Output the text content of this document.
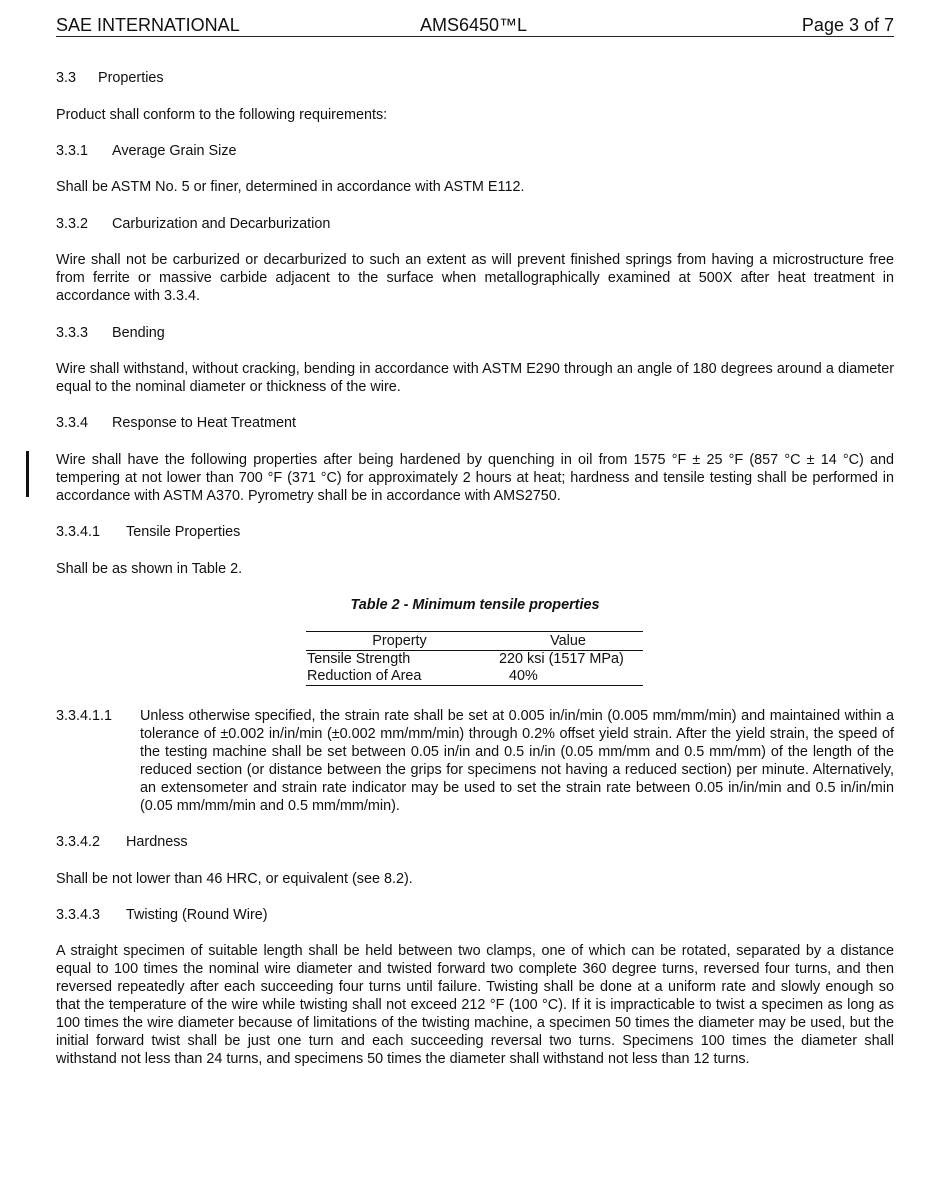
SAE INTERNATIONAL	AMS6450™L	Page 3 of 7
3.3 Properties
Product shall conform to the following requirements:
3.3.1 Average Grain Size
Shall be ASTM No. 5 or finer, determined in accordance with ASTM E112.
3.3.2 Carburization and Decarburization
Wire shall not be carburized or decarburized to such an extent as will prevent finished springs from having a microstructure free from ferrite or massive carbide adjacent to the surface when metallographically examined at 500X after heat treatment in accordance with 3.3.4.
3.3.3 Bending
Wire shall withstand, without cracking, bending in accordance with ASTM E290 through an angle of 180 degrees around a diameter equal to the nominal diameter or thickness of the wire.
3.3.4 Response to Heat Treatment
Wire shall have the following properties after being hardened by quenching in oil from 1575 °F ± 25 °F (857 °C ± 14 °C) and tempering at not lower than 700 °F (371 °C) for approximately 2 hours at heat; hardness and tensile testing shall be performed in accordance with ASTM A370. Pyrometry shall be in accordance with AMS2750.
3.3.4.1 Tensile Properties
Shall be as shown in Table 2.
Table 2 - Minimum tensile properties
Property	Value
Tensile Strength	220 ksi (1517 MPa)
Reduction of Area	40%
3.3.4.1.1 Unless otherwise specified, the strain rate shall be set at 0.005 in/in/min (0.005 mm/mm/min) and maintained within a tolerance of ±0.002 in/in/min (±0.002 mm/mm/min) through 0.2% offset yield strain. After the yield strain, the speed of the testing machine shall be set between 0.05 in/in and 0.5 in/in (0.05 mm/mm and 0.5 mm/mm) of the length of the reduced section (or distance between the grips for specimens not having a reduced section) per minute. Alternatively, an extensometer and strain rate indicator may be used to set the strain rate between 0.05 in/in/min and 0.5 in/in/min (0.05 mm/mm/min and 0.5 mm/mm/min).
3.3.4.2 Hardness
Shall be not lower than 46 HRC, or equivalent (see 8.2).
3.3.4.3 Twisting (Round Wire)
A straight specimen of suitable length shall be held between two clamps, one of which can be rotated, separated by a distance equal to 100 times the nominal wire diameter and twisted forward two complete 360 degree turns, reversed four turns, and then reversed repeatedly after each succeeding four turns until failure. Twisting shall be done at a uniform rate and slowly enough so that the temperature of the wire while twisting shall not exceed 212 °F (100 °C). If it is impracticable to twist a specimen as long as 100 times the wire diameter because of limitations of the twisting machine, a specimen 50 times the diameter may be used, but the initial forward twist shall be just one turn and each succeeding reversal two turns. Specimens 100 times the diameter shall withstand not less than 24 turns, and specimens 50 times the diameter shall withstand not less than 12 turns.
